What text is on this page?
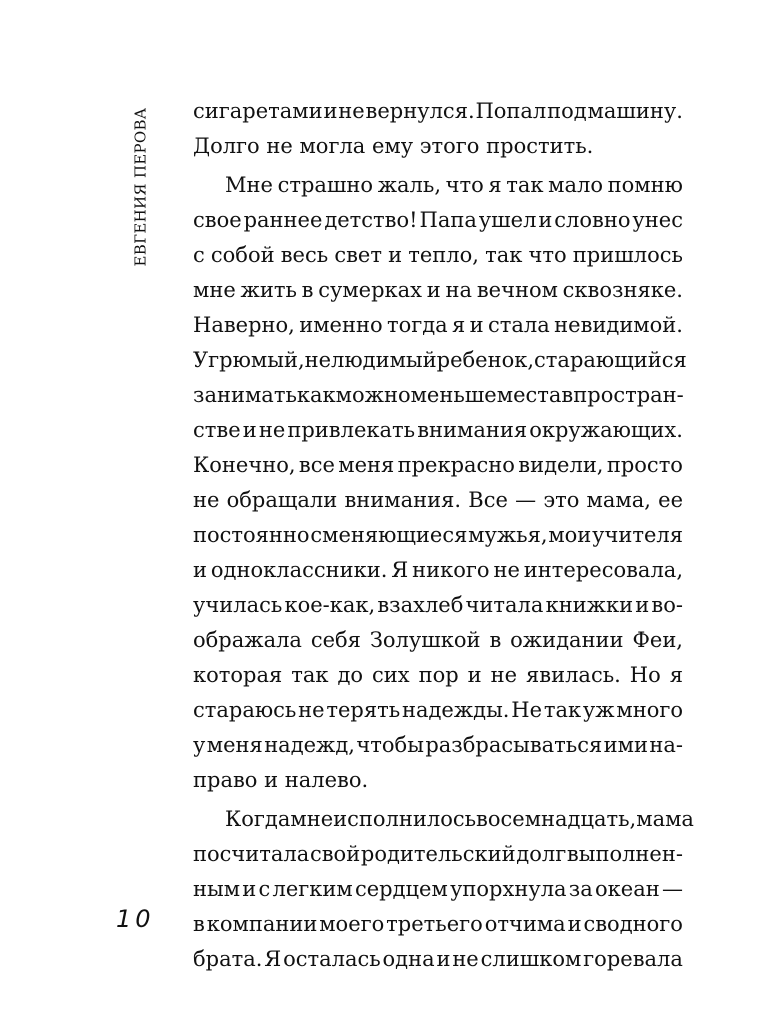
ЕВГЕНИЯ ПЕРОВА сигаретами и не вернулся. Попал под машину.
Долго не могла ему этого простить.
Мне страшно жаль, что я так мало помню
свое раннее детство! Папа ушел и словно унес
с собой весь свет и тепло, так что пришлось
мне жить в сумерках и на вечном сквозняке.
Наверно, именно тогда я и стала невидимой.
Угрюмый, нелюдимый ребенок, старающийся
занимать как можно меньше места в простран-
стве и не привлекать внимания окружающих.
Конечно, все меня прекрасно видели, просто
не обращали внимания. Все — это мама, ее
постоянно сменяющиеся мужья, мои учителя
и одноклассники. Я никого не интересовала,
училась кое-как, взахлеб читала книжки и во-
ображала себя Золушкой в ожидании Феи,
которая так до сих пор и не явилась. Но я
стараюсь не терять надежды. Не так уж много
у меня надежд, чтобы разбрасываться ими на-
право и налево.
Когда мне исполнилось восемнадцать, мама
посчитала свой родительский долг выполнен-
ным и с легким сердцем упорхнула за океан —
в компании моего третьего отчима и сводного
брата. Я осталась одна и не слишком горевала
10
